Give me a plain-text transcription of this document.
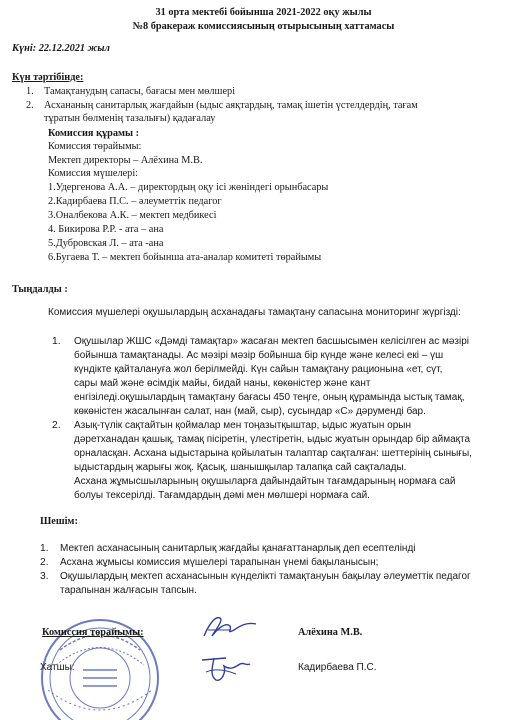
31 орта мектебі бойынша 2021-2022 оқу жылы
№8 бракераж комиссиясының отырысының хаттамасы
Күні: 22.12.2021 жыл
Күн тәртібінде:
1. Тамақтанудың сапасы, бағасы мен мөлшері
2. Асхананың санитарлық жағдайын (ыдыс аяқтардың, тамақ ішетін үстелдердің, тағам
тұратын бөлменің тазалығы) қадағалау
Комиссия құрамы :
Комиссия төрайымы:
Мектеп директоры – Алёхина М.В.
Комиссия мүшелері:
1.Удергенова А.А. – директордың оқу ісі жөніндегі орынбасары
2.Кадирбаева П.С. – әлеуметтік педагог
3.Оналбекова А.К. – мектеп медбикесі
4. Бикирова Р.Р. - ата – ана
5.Дубровская Л. – ата -ана
6.Бугаева Т. – мектеп бойынша ата-аналар комитеті төрайымы
Тыңдалды :
Комиссия мүшелері оқушылардың асханадағы тамақтану сапасына мониторинг жүргізді:
1. Оқушылар ЖШС «Дәмді тамақтар» жасаған мектеп басшысымен келісілген ас мәзірі
бойынша тамақтанады. Ас мәзірі мәзір бойынша бір күнде және келесі екі – үш
күндікте қайталануға жол берілмейді. Күн сайын тамақтану рационына «ет, сүт,
сары май және өсімдік майы, бидай наны, көкөністер және кант
енгізіледі.оқушылардың тамақтану бағасы 450 теңге, оның құрамында ыстық тамақ,
көкөністен жасалынған салат, нан (май, сыр), сусындар «С» дәруменді бар.
2. Азық-түлік сақтайтын қоймалар мен тоңазытқыштар, ыдыс жуатын орын
дәретханадан қашық, тамақ пісіретін, үлестіретін, ыдыс жуатын орындар бір аймақта
орналасқан. Асхана ыдыстарына қойылатын талаптар сақталған: шеттерінің сынығы,
ыдыстардың жарығы жоқ. Қасық, шанышқылар талапқа сай сақталады.
Асхана жұмысшыларының оқушыларға дайындайтын тағамдарының нормаға сай
болуы тексерілді. Тағамдардың дәмі мен мөлшері нормаға сай.
Шешім:
1. Мектеп асханасының санитарлық жағдайы қанағаттанарлық деп есептелінді
2. Асхана жұмысы комиссия мүшелері тарапынан үнемі бақыланысын;
3. Оқушылардың мектеп асханасынын күнделікті тамақтануын бақылау әлеуметтік педагог
тарапынан жалғасын тапсын.
Комиссия төрайымы:	Алёхина М.В.
Хатшы:	Кадирбаева П.С.
